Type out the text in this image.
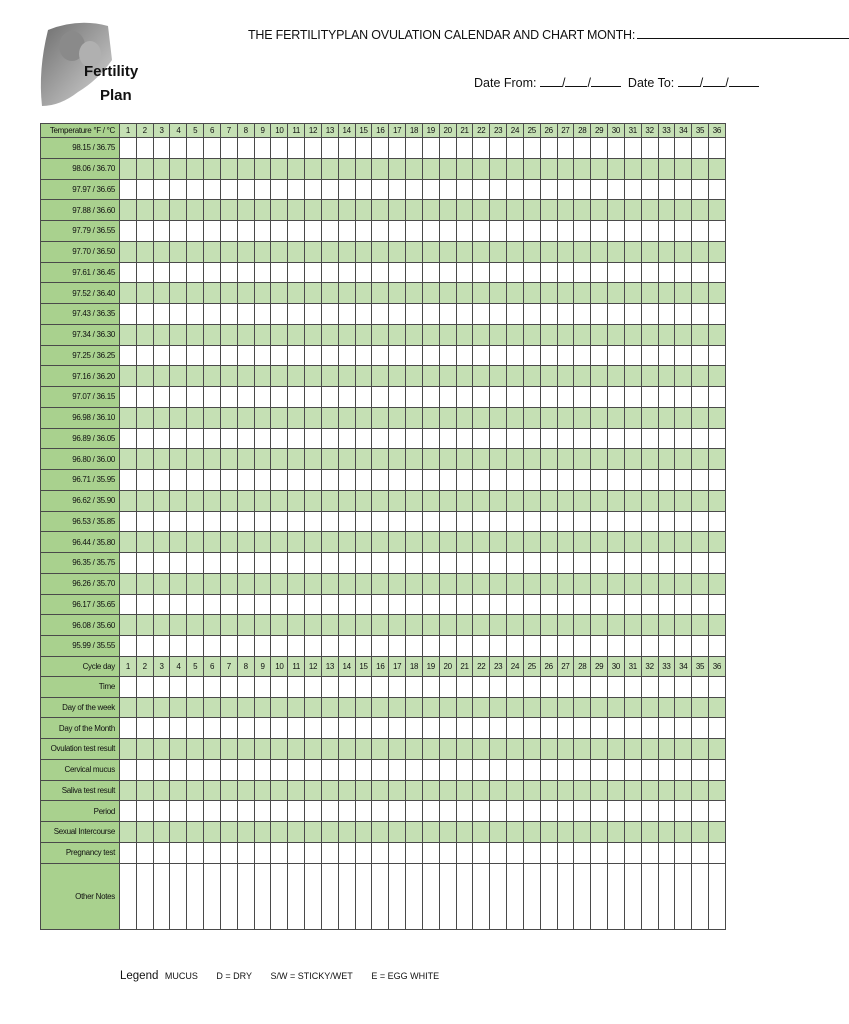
Fertility
Plan
THE FERTILITYPLAN OVULATION CALENDAR AND CHART MONTH:
Date From: / /	Date To: / /
Temperature °F / °C	1	2	3	4	5	6	7	8	9	10	11	12	13	14	15	16	17	18	19	20	21	22	23	24	25	26	27	28	29	30	31	32	33	34	35	36
98.15 / 36.75																																				
98.06 / 36.70																																				
97.97 / 36.65																																				
97.88 / 36.60																																				
97.79 / 36.55																																				
97.70 / 36.50																																				
97.61 / 36.45																																				
97.52 / 36.40																																				
97.43 / 36.35																																				
97.34 / 36.30																																				
97.25 / 36.25																																				
97.16 / 36.20																																				
97.07 / 36.15																																				
96.98 / 36.10																																				
96.89 / 36.05																																				
96.80 / 36.00																																				
96.71 / 35.95																																				
96.62 / 35.90																																				
96.53 / 35.85																																				
96.44 / 35.80																																				
96.35 / 35.75																																				
96.26 / 35.70																																				
96.17 / 35.65																																				
96.08 / 35.60																																				
95.99 / 35.55																																				
Cycle day	1	2	3	4	5	6	7	8	9	10	11	12	13	14	15	16	17	18	19	20	21	22	23	24	25	26	27	28	29	30	31	32	33	34	35	36
Time																																				
Day of the week																																				
Day of the Month																																				
Ovulation test result																																				
Cervical mucus																																				
Saliva test result																																				
Period																																				
Sexual Intercourse																																				
Pregnancy test																																				
Other Notes																																				
Legend MUCUS D = DRY S/W = STICKY/WET E = EGG WHITE
